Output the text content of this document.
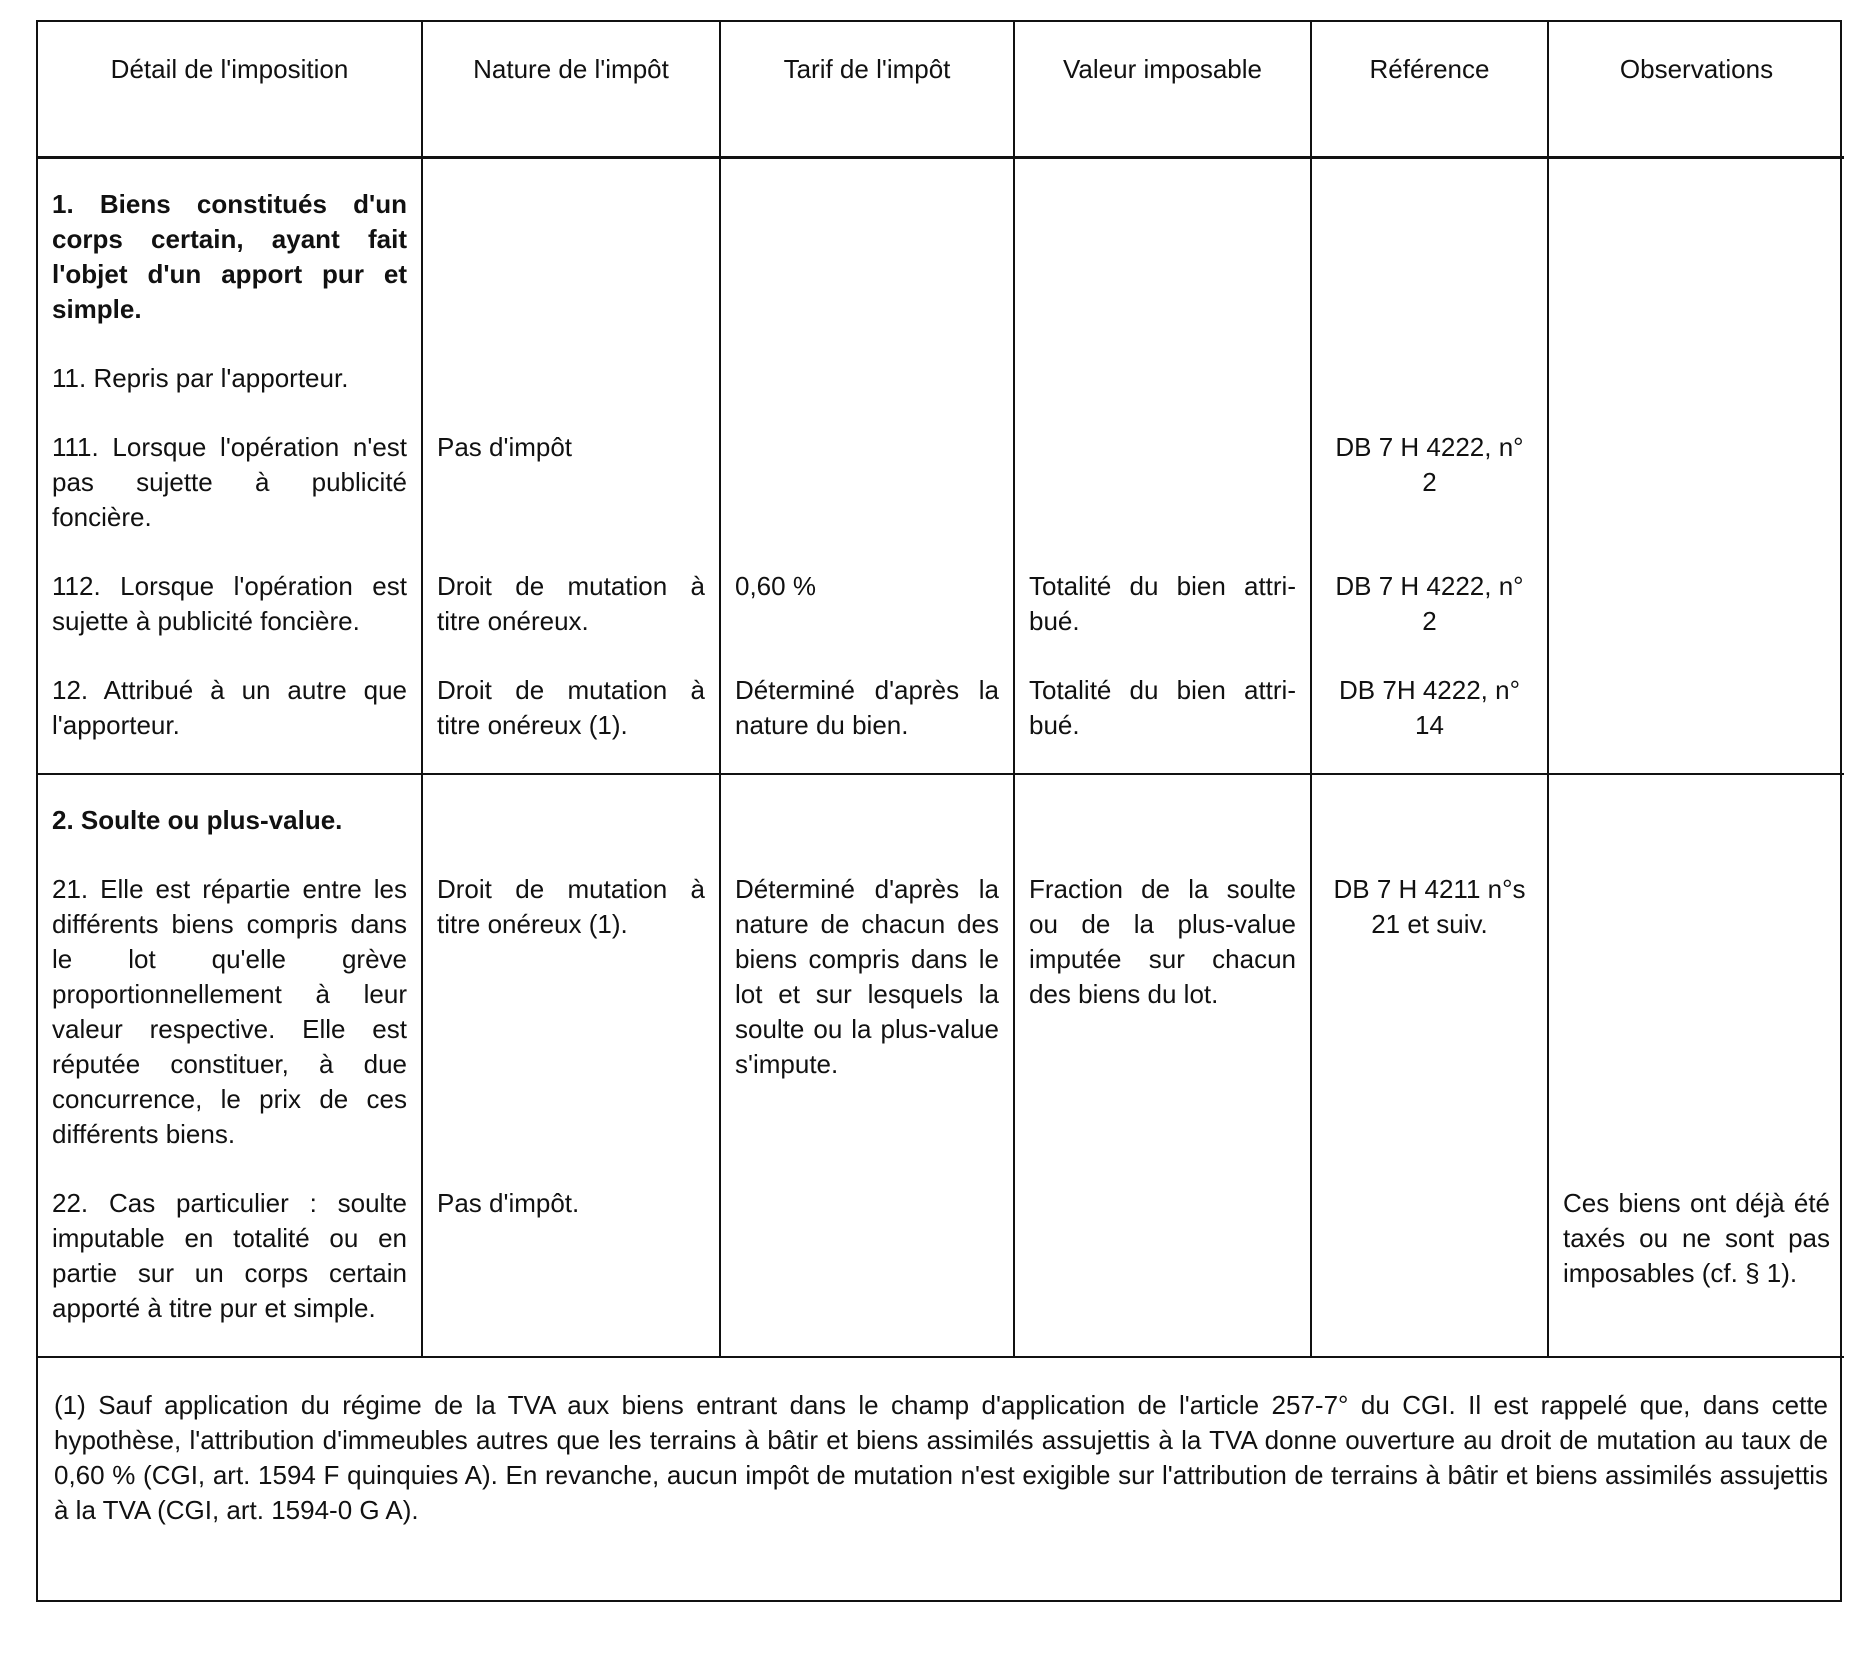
Détail de l'imposition	Nature de l'impôt	Tarif de l'impôt	Valeur imposable	Référence	Observations
1. Biens constitués d'un corps certain, ayant fait l'objet d'un apport pur et simple.					

11. Repris par l'apporteur.					

111. Lorsque l'opération n'est pas sujette à publicité foncière.	Pas d'impôt			DB 7 H 4222, n° 2	

112. Lorsque l'opération est sujette à publicité foncière.	Droit de mutation à titre onéreux.	0,60 %	Totalité du bien attri-bué.	DB 7 H 4222, n° 2	

12. Attribué à un autre que l'apporteur.	Droit de mutation à titre onéreux (1).	Déterminé d'après la nature du bien.	Totalité du bien attri-bué.	DB 7H 4222, n° 14	
2. Soulte ou plus-value.					

21. Elle est répartie entre les différents biens compris dans le lot qu'elle grève proportionnellement à leur valeur respective. Elle est réputée constituer, à due concurrence, le prix de ces différents biens.	Droit de mutation à titre onéreux (1).	Déterminé d'après la nature de chacun des biens compris dans le lot et sur lesquels la soulte ou la plus-value s'impute.	Fraction de la soulte ou de la plus-value imputée sur chacun des biens du lot.	DB 7 H 4211 n°s 21 et suiv.	

22. Cas particulier : soulte imputable en totalité ou en partie sur un corps certain apporté à titre pur et simple.	Pas d'impôt.				Ces biens ont déjà été taxés ou ne sont pas imposables (cf. § 1).
(1) Sauf application du régime de la TVA aux biens entrant dans le champ d'application de l'article 257-7° du CGI. Il est rappelé que, dans cette hypothèse, l'attribution d'immeubles autres que les terrains à bâtir et biens assimilés assujettis à la TVA donne ouverture au droit de mutation au taux de 0,60 % (CGI, art. 1594 F quinquies A). En revanche, aucun impôt de mutation n'est exigible sur l'attribution de terrains à bâtir et biens assimilés assujettis à la TVA (CGI, art. 1594-0 G A).					
